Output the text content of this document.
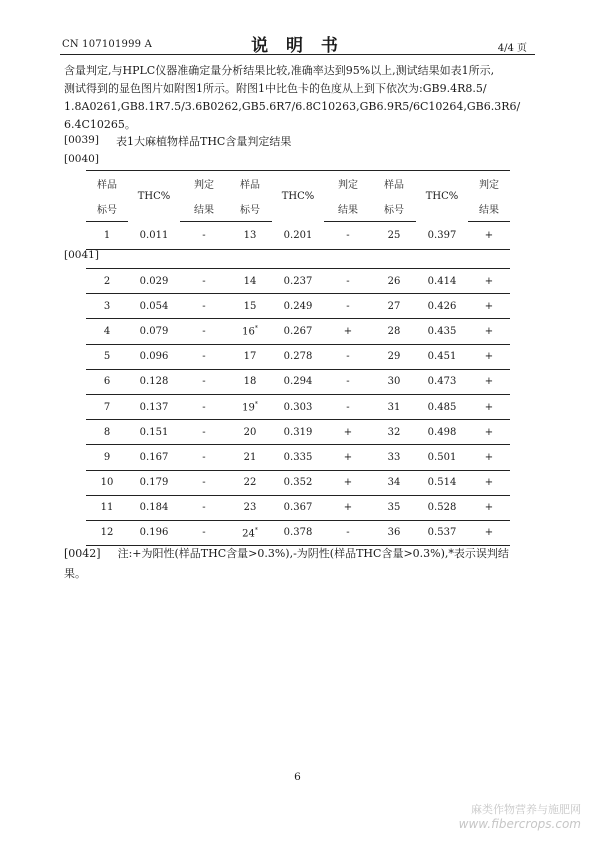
CN 107101999 A	说 明 书	4/4 页
含量判定,与HPLC仪器准确定量分析结果比较,准确率达到95%以上,测试结果如表1所示,
测试得到的显色图片如附图1所示。附图1中比色卡的色度从上到下依次为:GB9.4R8.5/
1.8A0261,GB8.1R7.5/3.6B0262,GB5.6R7/6.8C10263,GB6.9R5/6C10264,GB6.3R6/
6.4C10265。
[0039] 表1大麻植物样品THC含量判定结果
[0040]
样品	THC%	判定	样品	THC%	判定	样品	THC%	判定
标号		结果	标号		结果	标号		结果
1	0.011	-	13	0.201	-	25	0.397	+
[0041]
2	0.029	-	14	0.237	-	26	0.414	+
3	0.054	-	15	0.249	-	27	0.426	+
4	0.079	-	16*	0.267	+	28	0.435	+
5	0.096	-	17	0.278	-	29	0.451	+
6	0.128	-	18	0.294	-	30	0.473	+
7	0.137	-	19*	0.303	-	31	0.485	+
8	0.151	-	20	0.319	+	32	0.498	+
9	0.167	-	21	0.335	+	33	0.501	+
10	0.179	-	22	0.352	+	34	0.514	+
11	0.184	-	23	0.367	+	35	0.528	+
12	0.196	-	24*	0.378	-	36	0.537	+
[0042] 注:+为阳性(样品THC含量>0.3%),-为阴性(样品THC含量>0.3%),*表示误判结
果。
6
麻类作物营养与施肥网
www.fibercrops.com
